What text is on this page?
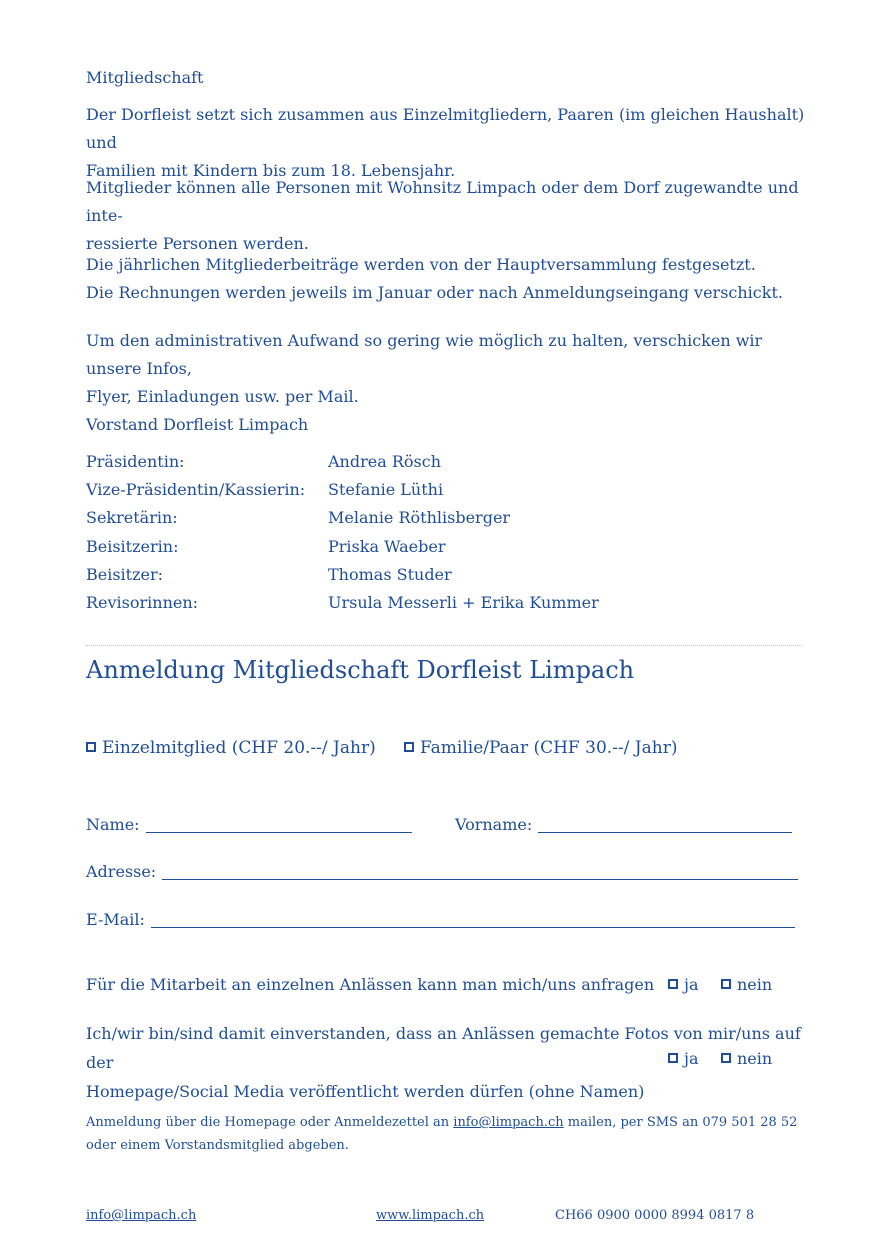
Mitgliedschaft
Der Dorfleist setzt sich zusammen aus Einzelmitgliedern, Paaren (im gleichen Haushalt) und
Familien mit Kindern bis zum 18. Lebensjahr.
Mitglieder können alle Personen mit Wohnsitz Limpach oder dem Dorf zugewandte und inte-
ressierte Personen werden.
Die jährlichen Mitgliederbeiträge werden von der Hauptversammlung festgesetzt.
Die Rechnungen werden jeweils im Januar oder nach Anmeldungseingang verschickt.
Um den administrativen Aufwand so gering wie möglich zu halten, verschicken wir unsere Infos,
Flyer, Einladungen usw. per Mail.
Vorstand Dorfleist Limpach
Präsidentin:	Andrea Rösch
Vize-Präsidentin/Kassierin: Stefanie Lüthi
Sekretärin:	Melanie Röthlisberger
Beisitzerin:	Priska Waeber
Beisitzer:	Thomas Studer
Revisorinnen:	Ursula Messerli + Erika Kummer
Anmeldung Mitgliedschaft Dorfleist Limpach
Einzelmitglied (CHF 20.--/ Jahr)	Familie/Paar (CHF 30.--/ Jahr)
Name:	Vorname:
Adresse:
E-Mail:
Für die Mitarbeit an einzelnen Anlässen kann man mich/uns anfragen	ja	nein
Ich/wir bin/sind damit einverstanden, dass an Anlässen gemachte Fotos von mir/uns auf der
Homepage/Social Media veröffentlicht werden dürfen (ohne Namen)
ja	nein
Anmeldung über die Homepage oder Anmeldezettel an info@limpach.ch mailen, per SMS an 079 501 28 52
oder einem Vorstandsmitglied abgeben.
info@limpach.ch	www.limpach.ch	CH66 0900 0000 8994 0817 8
